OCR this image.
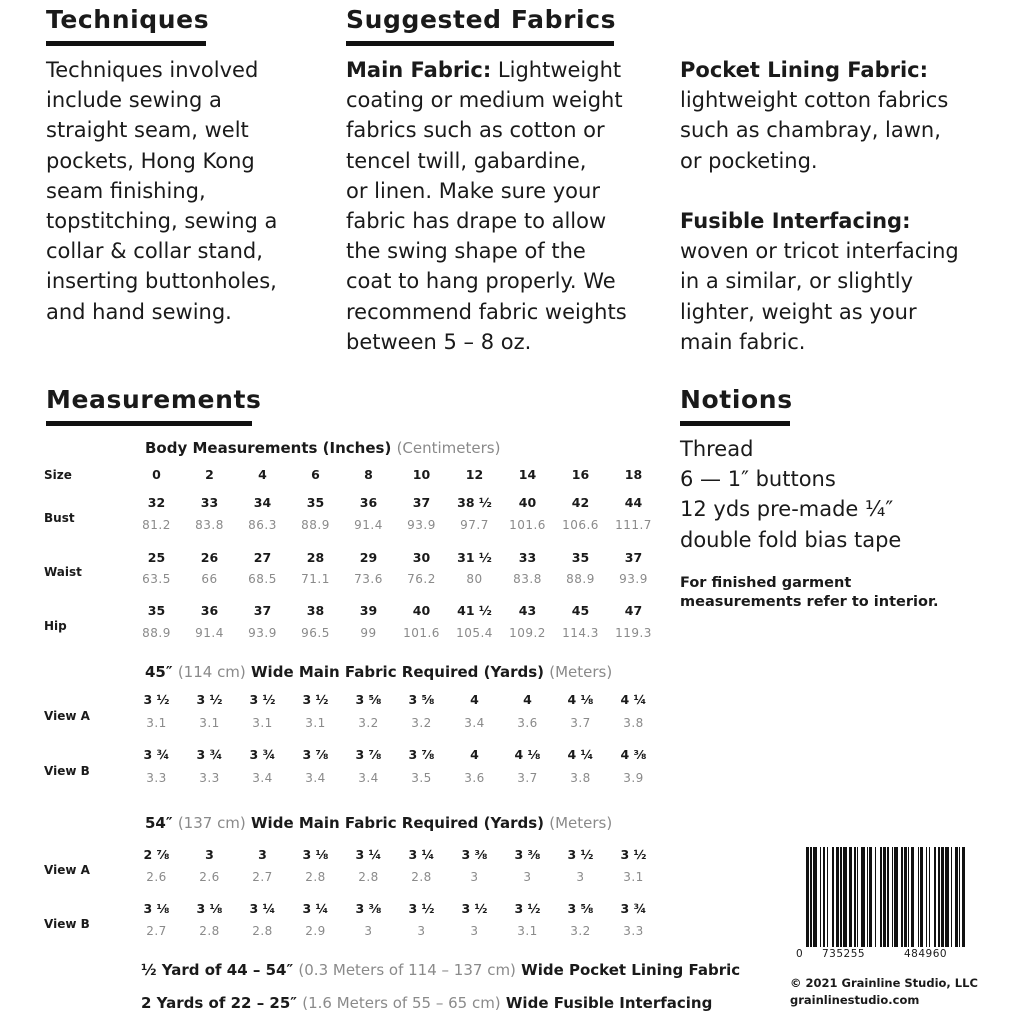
Techniques
Techniques involved
include sewing a
straight seam, welt
pockets, Hong Kong
seam finishing,
topstitching, sewing a
collar & collar stand,
inserting buttonholes,
and hand sewing.
Suggested Fabrics
Main Fabric: Lightweight
coating or medium weight
fabrics such as cotton or
tencel twill, gabardine,
or linen. Make sure your
fabric has drape to allow
the swing shape of the
coat to hang properly. We
recommend fabric weights
between 5 – 8 oz.
Pocket Lining Fabric:
lightweight cotton fabrics
such as chambray, lawn,
or pocketing.
Fusible Interfacing:
woven or tricot interfacing
in a similar, or slightly
lighter, weight as your
main fabric.
Measurements
Body Measurements (Inches) (Centimeters)
Size	0	2	4	6	8	10	12	14	16	18
Bust
32	33	34	35	36	37	38 ½	40	42	44
81.2	83.8	86.3	88.9	91.4	93.9	97.7	101.6	106.6	111.7
Waist
25	26	27	28	29	30	31 ½	33	35	37
63.5	66	68.5	71.1	73.6	76.2	80	83.8	88.9	93.9
Hip
35	36	37	38	39	40	41 ½	43	45	47
88.9	91.4	93.9	96.5	99	101.6	105.4	109.2	114.3	119.3
45″ (114 cm) Wide Main Fabric Required (Yards) (Meters)
View A
3 ½	3 ½	3 ½	3 ½	3 ⅝	3 ⅝	4	4	4 ⅛	4 ¼
3.1	3.1	3.1	3.1	3.2	3.2	3.4	3.6	3.7	3.8
View B
3 ¾	3 ¾	3 ¾	3 ⅞	3 ⅞	3 ⅞	4	4 ⅛	4 ¼	4 ⅜
3.3	3.3	3.4	3.4	3.4	3.5	3.6	3.7	3.8	3.9
54″ (137 cm) Wide Main Fabric Required (Yards) (Meters)
View A
2 ⅞	3	3	3 ⅛	3 ¼	3 ¼	3 ⅜	3 ⅜	3 ½	3 ½
2.6	2.6	2.7	2.8	2.8	2.8	3	3	3	3.1
View B
3 ⅛	3 ⅛	3 ¼	3 ¼	3 ⅜	3 ½	3 ½	3 ½	3 ⅝	3 ¾
2.7	2.8	2.8	2.9	3	3	3	3.1	3.2	3.3
½ Yard of 44 – 54″ (0.3 Meters of 114 – 137 cm) Wide Pocket Lining Fabric
2 Yards of 22 – 25″ (1.6 Meters of 55 – 65 cm) Wide Fusible Interfacing
Notions
Thread
6 — 1″ buttons
12 yds pre-made ¼″
double fold bias tape
For finished garment
measurements refer to interior.
0 735255	484960
© 2021 Grainline Studio, LLC
grainlinestudio.com
